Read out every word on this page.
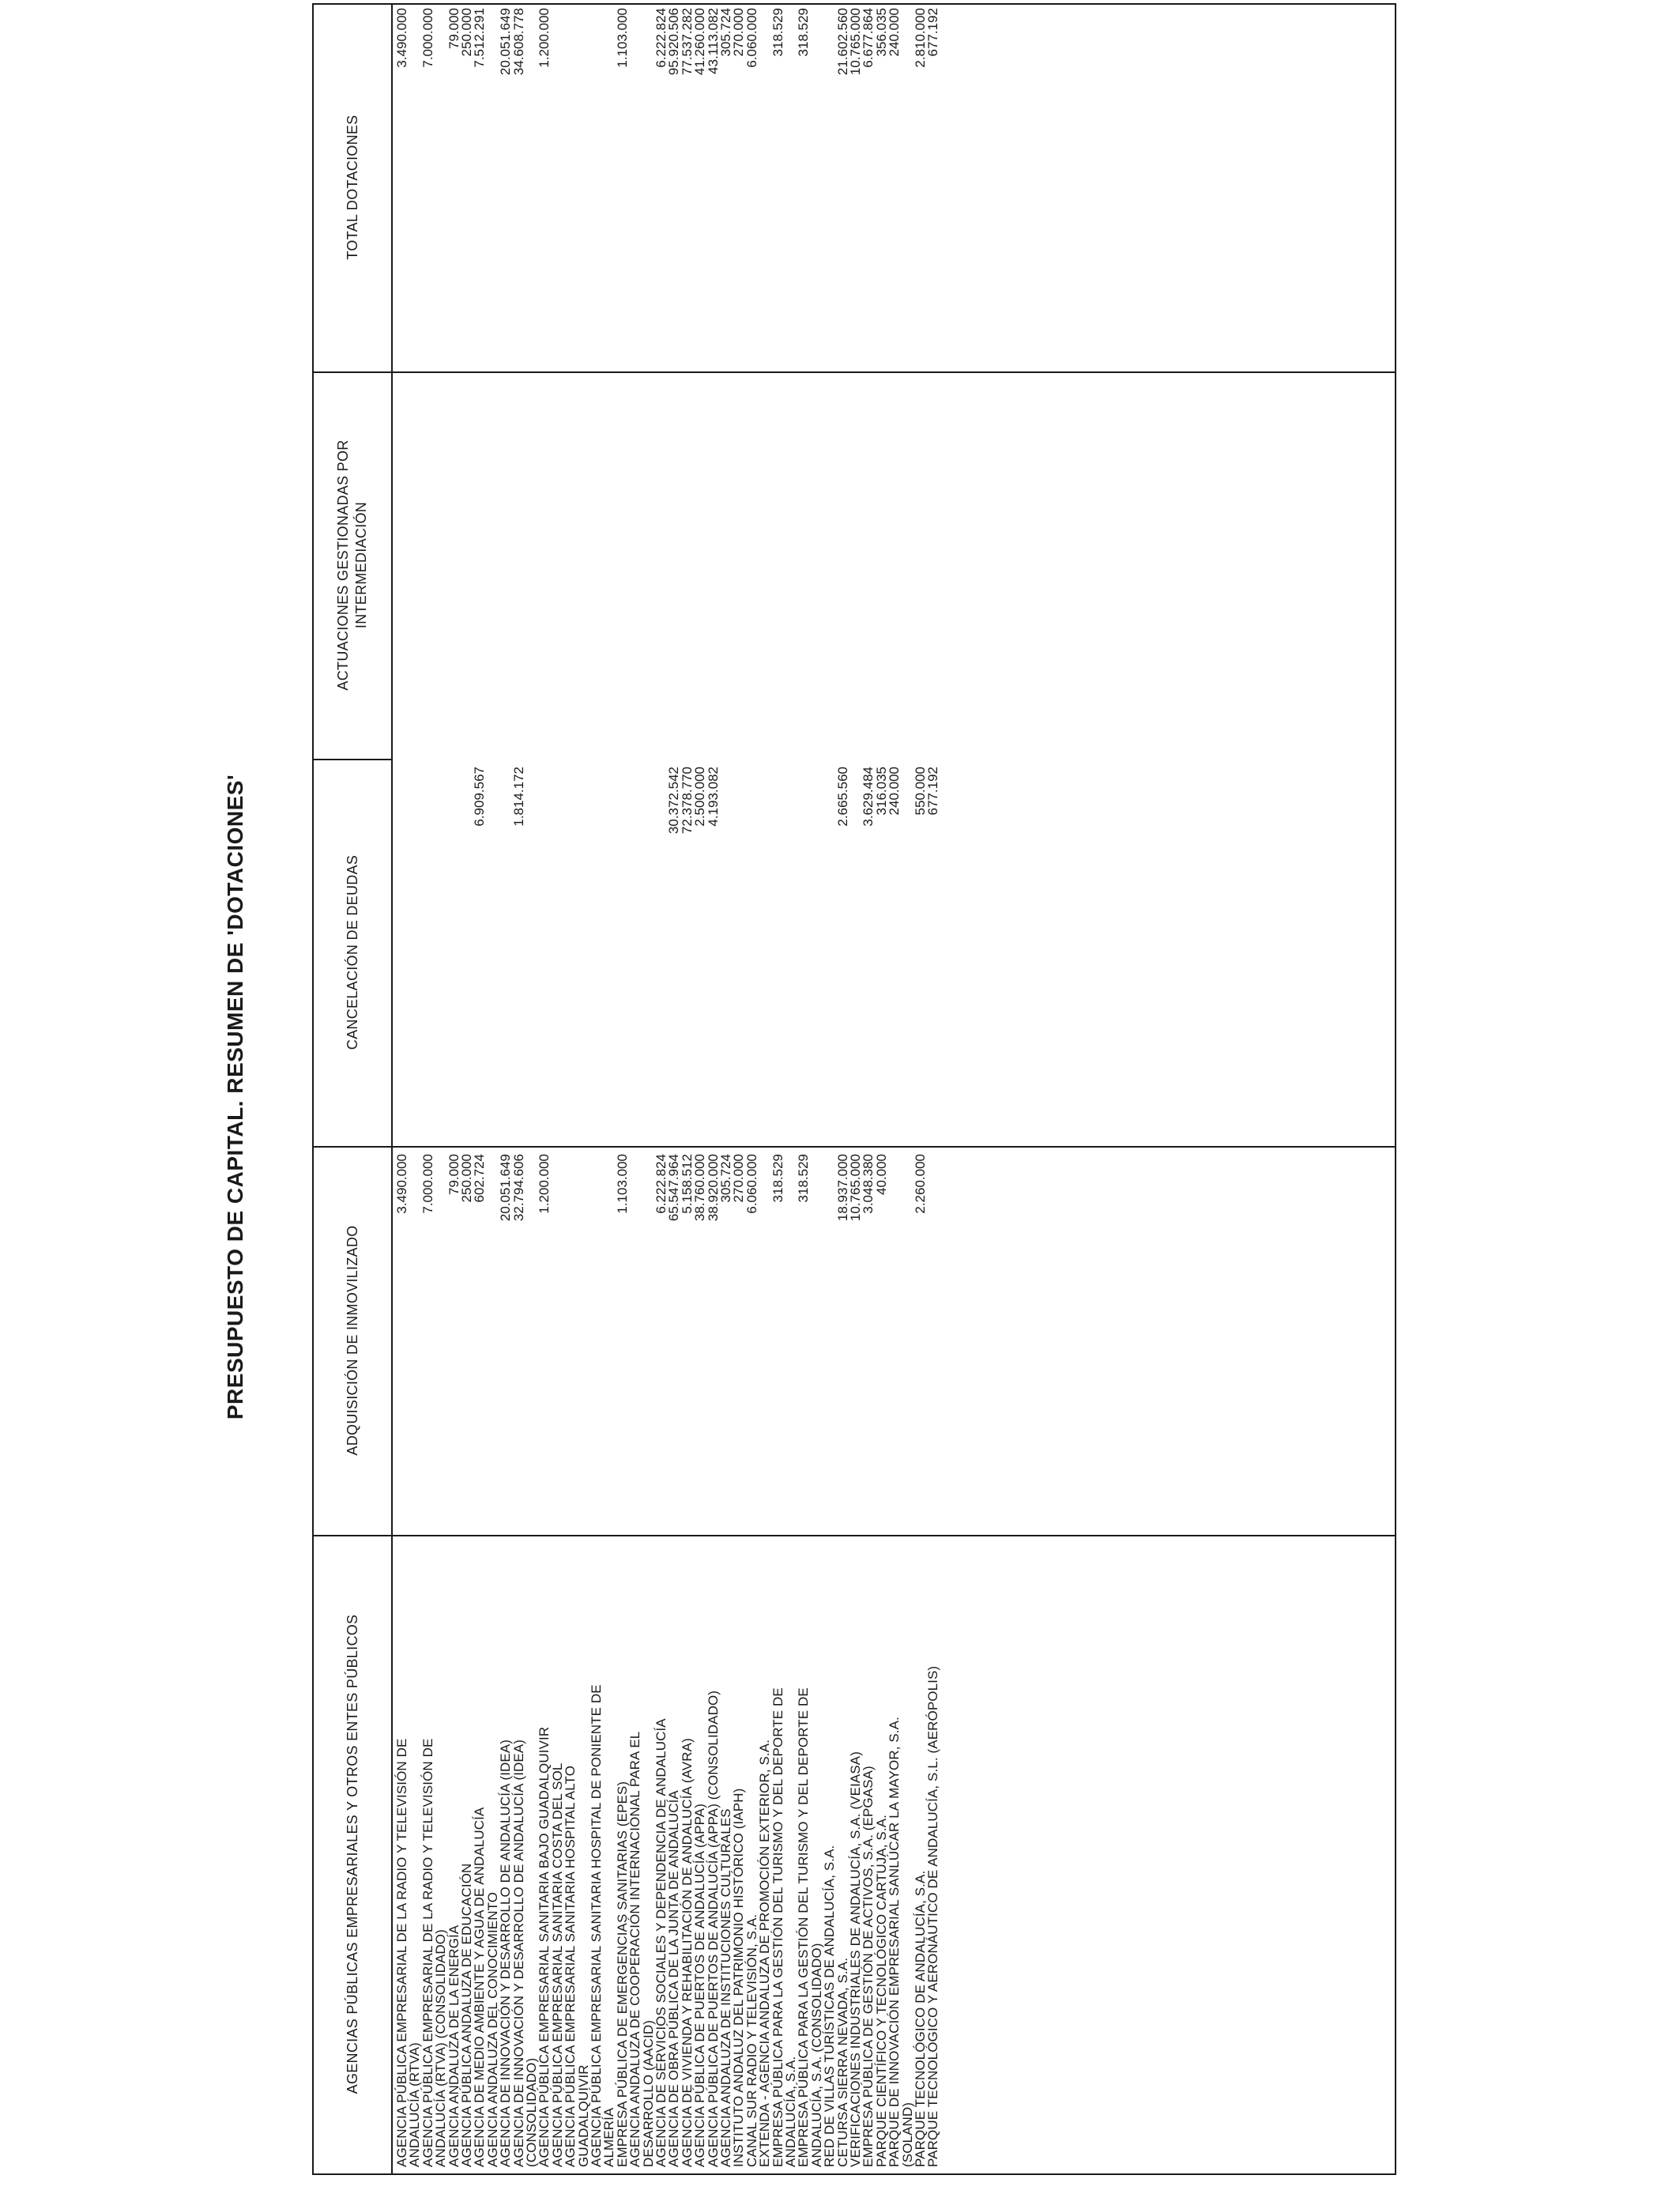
PRESUPUESTO DE CAPITAL. RESUMEN DE 'DOTACIONES'
AGENCIAS PÚBLICAS EMPRESARIALES Y OTROS ENTES PÚBLICOS
ADQUISICIÓN DE INMOVILIZADO
CANCELACIÓN DE DEUDAS
ACTUACIONES GESTIONADAS POR INTERMEDIACIÓN
TOTAL DOTACIONES
AGENCIA PÚBLICA EMPRESARIAL DE LA RADIO Y TELEVISIÓN DE
ANDALUCÍA (RTVA)
3.490.000
3.490.000
AGENCIA PÚBLICA EMPRESARIAL DE LA RADIO Y TELEVISIÓN DE
ANDALUCÍA (RTVA) (CONSOLIDADO)
7.000.000
7.000.000
AGENCIA ANDALUZA DE LA ENERGÍA
79.000
79.000
AGENCIA PÚBLICA ANDALUZA DE EDUCACIÓN
250.000
250.000
AGENCIA DE MEDIO AMBIENTE Y AGUA DE ANDALUCÍA
602.724
6.909.567
7.512.291
AGENCIA ANDALUZA DEL CONOCIMIENTO
AGENCIA DE INNOVACIÓN Y DESARROLLO DE ANDALUCÍA (IDEA)
20.051.649
20.051.649
AGENCIA DE INNOVACIÓN Y DESARROLLO DE ANDALUCÍA (IDEA)
(CONSOLIDADO)
32.794.606
1.814.172
34.608.778
AGENCIA PÚBLICA EMPRESARIAL SANITARIA BAJO GUADALQUIVIR
1.200.000
1.200.000
AGENCIA PÚBLICA EMPRESARIAL SANITARIA COSTA DEL SOL
AGENCIA PÚBLICA EMPRESARIAL SANITARIA HOSPITAL ALTO
GUADALQUIVIR
AGENCIA PÚBLICA EMPRESARIAL SANITARIA HOSPITAL DE PONIENTE DE
ALMERÍA
EMPRESA PÚBLICA DE EMERGENCIAS SANITARIAS (EPES)
1.103.000
1.103.000
AGENCIA ANDALUZA DE COOPERACIÓN INTERNACIONAL PARA EL
DESARROLLO (AACID)
AGENCIA DE SERVICIOS SOCIALES Y DEPENDENCIA DE ANDALUCÍA
6.222.824
6.222.824
AGENCIA DE OBRA PÚBLICA DE LA JUNTA DE ANDALUCÍA
65.547.964
30.372.542
95.920.506
AGENCIA DE VIVIENDA Y REHABILITACIÓN DE ANDALUCÍA (AVRA)
5.158.512
72.378.770
77.537.282
AGENCIA PÚBLICA DE PUERTOS DE ANDALUCÍA (APPA)
38.760.000
2.500.000
41.260.000
AGENCIA PÚBLICA DE PUERTOS DE ANDALUCÍA (APPA) (CONSOLIDADO)
38.920.000
4.193.082
43.113.082
AGENCIA ANDALUZA DE INSTITUCIONES CULTURALES
305.724
305.724
INSTITUTO ANDALUZ DEL PATRIMONIO HISTÓRICO (IAPH)
270.000
270.000
CANAL SUR RADIO Y TELEVISIÓN, S.A.
6.060.000
6.060.000
EXTENDA - AGENCIA ANDALUZA DE PROMOCIÓN EXTERIOR, S.A.
EMPRESA PÚBLICA PARA LA GESTIÓN DEL TURISMO Y DEL DEPORTE DE
ANDALUCÍA, S.A.
318.529
318.529
EMPRESA PÚBLICA PARA LA GESTIÓN DEL TURISMO Y DEL DEPORTE DE
ANDALUCÍA, S.A. (CONSOLIDADO)
318.529
318.529
RED DE VILLAS TURÍSTICAS DE ANDALUCÍA, S.A.
CETURSA SIERRA NEVADA, S.A.
18.937.000
2.665.560
21.602.560
VERIFICACIONES INDUSTRIALES DE ANDALUCÍA, S.A. (VEIASA)
10.765.000
10.765.000
EMPRESA PÚBLICA DE GESTIÓN DE ACTIVOS, S.A. (EPGASA)
3.048.380
3.629.484
6.677.864
PARQUE CIENTÍFICO Y TECNOLÓGICO CARTUJA, S.A.
40.000
316.035
356.035
PARQUE DE INNOVACIÓN EMPRESARIAL SANLÚCAR LA MAYOR, S.A.
(SOLAND)
240.000
240.000
PARQUE TECNOLÓGICO DE ANDALUCÍA, S.A.
2.260.000
550.000
2.810.000
PARQUE TECNOLÓGICO Y AERONÁUTICO DE ANDALUCÍA, S.L. (AERÓPOLIS)
677.192
677.192
